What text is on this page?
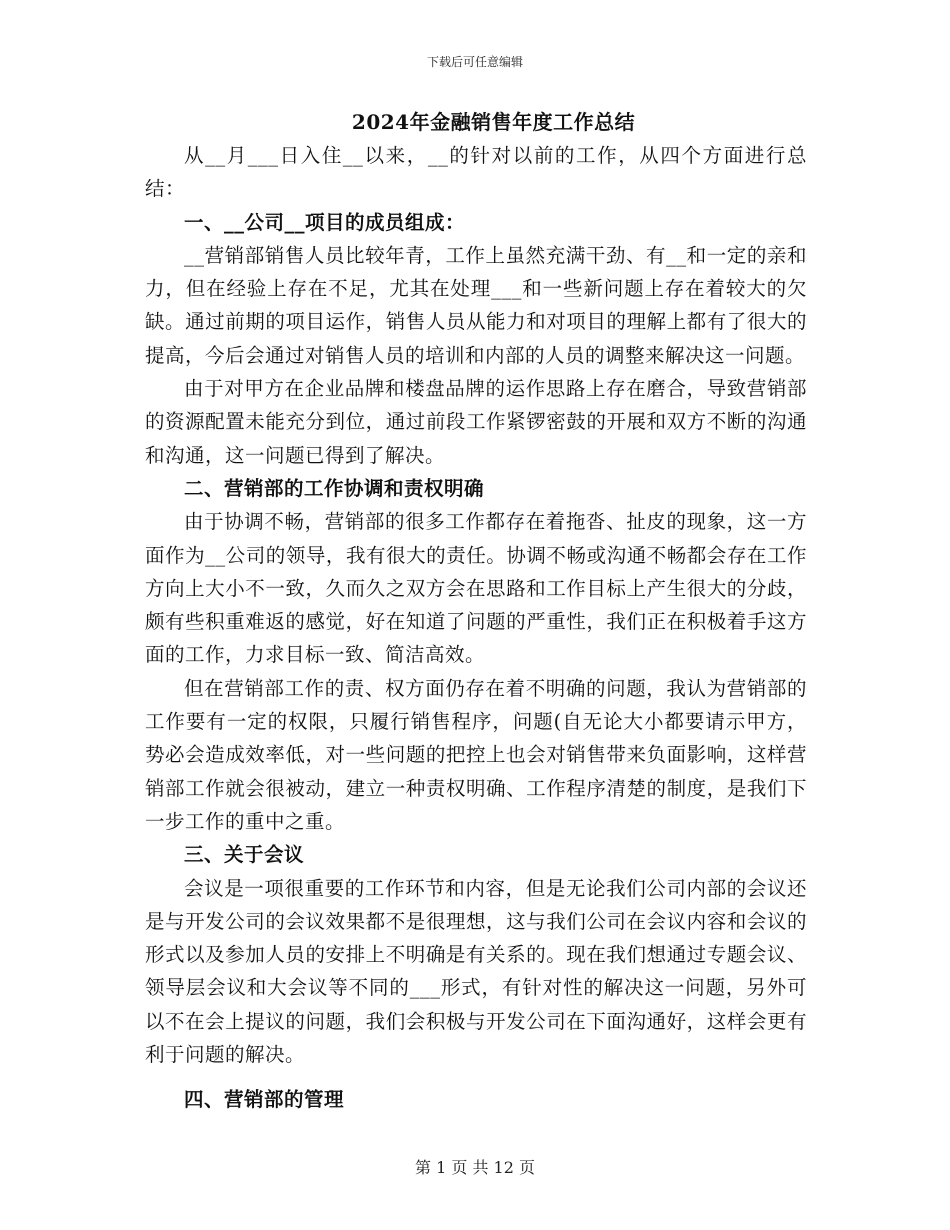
下载后可任意编辑
2024年金融销售年度工作总结

从__月___日入住__以来，__的针对以前的工作，从四个方面进行总结：

一、__公司__项目的成员组成：

__营销部销售人员比较年青，工作上虽然充满干劲、有__和一定的亲和力，但在经验上存在不足，尤其在处理___和一些新问题上存在着较大的欠缺。通过前期的项目运作，销售人员从能力和对项目的理解上都有了很大的提高，今后会通过对销售人员的培训和内部的人员的调整来解决这一问题。

由于对甲方在企业品牌和楼盘品牌的运作思路上存在磨合，导致营销部的资源配置未能充分到位，通过前段工作紧锣密鼓的开展和双方不断的沟通和沟通，这一问题已得到了解决。

二、营销部的工作协调和责权明确

由于协调不畅，营销部的很多工作都存在着拖沓、扯皮的现象，这一方面作为__公司的领导，我有很大的责任。协调不畅或沟通不畅都会存在工作方向上大小不一致，久而久之双方会在思路和工作目标上产生很大的分歧，颇有些积重难返的感觉，好在知道了问题的严重性，我们正在积极着手这方面的工作，力求目标一致、简洁高效。

但在营销部工作的责、权方面仍存在着不明确的问题，我认为营销部的工作要有一定的权限，只履行销售程序，问题(自无论大小都要请示甲方，势必会造成效率低，对一些问题的把控上也会对销售带来负面影响，这样营销部工作就会很被动，建立一种责权明确、工作程序清楚的制度，是我们下一步工作的重中之重。

三、关于会议

会议是一项很重要的工作环节和内容，但是无论我们公司内部的会议还是与开发公司的会议效果都不是很理想，这与我们公司在会议内容和会议的形式以及参加人员的安排上不明确是有关系的。现在我们想通过专题会议、领导层会议和大会议等不同的___形式，有针对性的解决这一问题，另外可以不在会上提议的问题，我们会积极与开发公司在下面沟通好，这样会更有利于问题的解决。

四、营销部的管理

第 1 页 共 12 页
